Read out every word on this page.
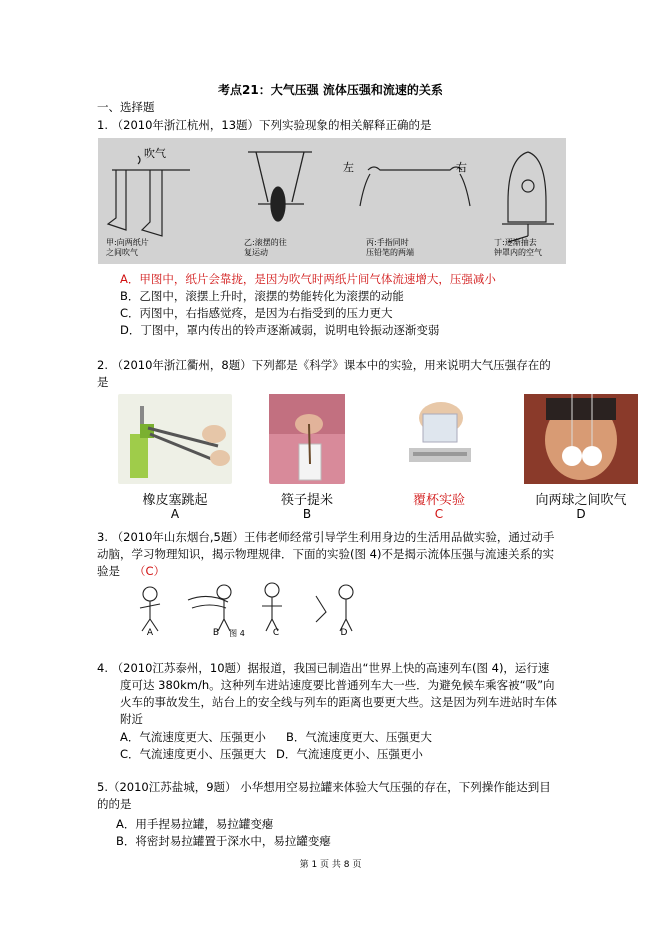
考点21：大气压强 流体压强和流速的关系
一、选择题
1. （2010年浙江杭州，13题）下列实验现象的相关解释正确的是
吹气
左	右
甲:向两纸片
之间吹气
乙:滚摆的往
复运动
丙:手指同时
压铅笔的两端
丁:逐渐抽去
钟罩内的空气
A．甲图中，纸片会靠拢，是因为吹气时两纸片间气体流速增大，压强减小
B．乙图中，滚摆上升时，滚摆的势能转化为滚摆的动能
C．丙图中，右指感觉疼，是因为右指受到的压力更大
D．丁图中，罩内传出的铃声逐渐减弱，说明电铃振动逐渐变弱
2. （2010年浙江衢州，8题）下列都是《科学》课本中的实验，用来说明大气压强存在的
是
橡皮塞跳起	筷子提米	覆杯实验	向两球之间吹气
A	B	C	D
3. （2010年山东烟台,5题）王伟老师经常引导学生利用身边的生活用品做实验，通过动手
动脑，学习物理知识，揭示物理规律．下面的实验(图 4)不是揭示流体压强与流速关系的实
验是 （C）
A	B	图 4	C	D
4. （2010江苏泰州，10题）据报道，我国已制造出“世界上快的高速列车(图 4)，运行速
度可达 380km/h。这种列车进站速度要比普通列车大一些．为避免候车乘客被“吸”向
火车的事故发生，站台上的安全线与列车的距离也要更大些。这是因为列车进站时车体
附近
A．气流速度更大、压强更小 B．气流速度更大、压强更大
C．气流速度更小、压强更大 D．气流速度更小、压强更小
5.（2010江苏盐城，9题） 小华想用空易拉罐来体验大气压强的存在，下列操作能达到目
的的是
A．用手捏易拉罐，易拉罐变瘪
B．将密封易拉罐置于深水中，易拉罐变瘪
第 1 页 共 8 页
